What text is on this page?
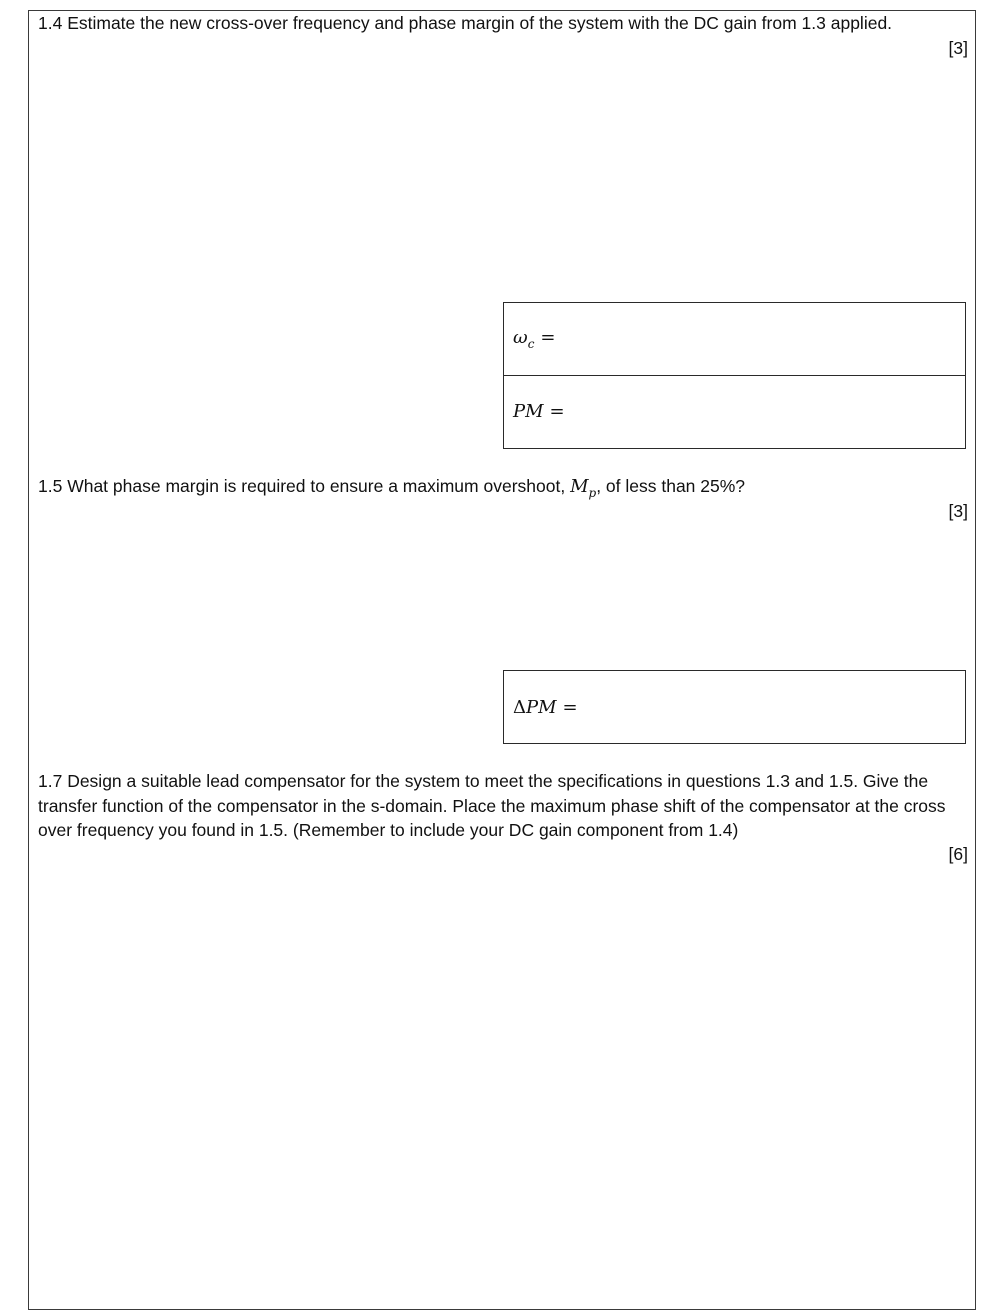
1.4 Estimate the new cross-over frequency and phase margin of the system with the DC gain from 1.3 applied.

[3]
$\omega_c$ =
PM =

1.5 What phase margin is required to ensure a maximum overshoot, $M_p$, of less than 25%?

[3]
ΔPM =

1.7 Design a suitable lead compensator for the system to meet the specifications in questions 1.3 and 1.5. Give the transfer function of the compensator in the s-domain. Place the maximum phase shift of the compensator at the cross over frequency you found in 1.5. (Remember to include your DC gain component from 1.4)

[6]
